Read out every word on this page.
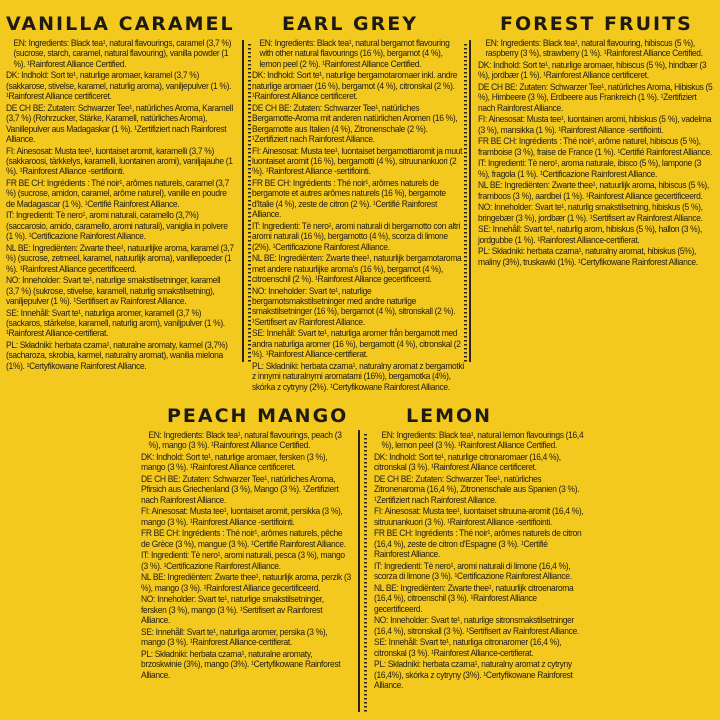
VANILLA CARAMEL

EN: Ingredients: Black tea¹, natural flavourings, caramel (3,7 %) (sucrose, starch, caramel, natural flavouring), vanilla powder (1 %). ¹Rainforest Alliance Certified.

DK: Indhold: Sort te¹, naturlige aromaer, karamel (3,7 %) (sakkarose, stivelse, karamel, naturlig aroma), vaniljepulver (1 %). ¹Rainforest Alliance certificeret.

DE CH BE: Zutaten: Schwarzer Tee¹, natürliches Aroma, Karamell (3,7 %) (Rohrzucker, Stärke, Karamell, natürliches Aroma), Vanillepulver aus Madagaskar (1 %). ¹Zertifiziert nach Rainforest Alliance.

FI: Ainesosat: Musta tee¹, luontaiset aromit, karamelli (3,7 %) (sakkaroosi, tärkkelys, karamelli, luontainen aromi), vaniljajauhe (1 %). ¹Rainforest Alliance -sertifiointi.

FR BE CH: Ingrédients : Thé noir¹, arômes naturels, caramel (3,7 %) (sucrose, amidon, caramel, arôme naturel), vanille en poudre de Madagascar (1 %). ¹Certifié Rainforest Alliance.

IT: Ingredienti: Tè nero¹, aromi naturali, caramello (3,7%) (saccarosio, amido, caramello, aromi naturali), vaniglia in polvere (1 %). ¹Certificazione Rainforest Alliance.

NL BE: Ingrediënten: Zwarte thee¹, natuurlijke aroma, karamel (3,7 %) (sucrose, zetmeel, karamel, natuurlijk aroma), vanillepoeder (1 %). ¹Rainforest Alliance gecertificeerd.

NO: Inneholder: Svart te¹, naturlige smakstilsetninger, karamell (3,7 %) (sukrose, stivelse, karamell, naturlig smakstilsetning), vaniljepulver (1 %). ¹Sertifisert av Rainforest Alliance.

SE: Innehåll: Svart te¹, naturliga aromer, karamell (3,7 %) (sackaros, stärkelse, karamell, naturlig arom), vaniljpulver (1 %). ¹Rainforest Alliance-certifierat.

PL: Składniki: herbata czarna¹, naturalne aromaty, karmel (3,7%) (sacharoza, skrobia, karmel, naturalny aromat), wanilia mielona (1%). ¹Certyfikowane Rainforest Alliance.

EARL GREY

EN: Ingredients: Black tea¹, natural bergamot flavouring with other natural flavourings (16 %), bergamot (4 %), lemon peel (2 %). ¹Rainforest Alliance Certified.

DK: Indhold: Sort te¹, naturlige bergamotaromaer inkl. andre naturlige aromaer (16 %), bergamot (4 %), citronskal (2 %). ¹Rainforest Alliance certificeret.

DE CH BE: Zutaten: Schwarzer Tee¹, natürliches Bergamotte-Aroma mit anderen natürlichen Aromen (16 %), Bergamotte aus Italien (4 %), Zitronenschale (2 %). ¹Zertifiziert nach Rainforest Alliance.

FI: Ainesosat: Musta tee¹, luontaiset bergamottiaromit ja muut luontaiset aromit (16 %), bergamotti (4 %), sitruunankuori (2 %). ¹Rainforest Alliance -sertifiointi.

FR BE CH: Ingrédients : Thé noir¹, arômes naturels de bergamote et autres arômes naturels (16 %), bergamote d'Italie (4 %), zeste de citron (2 %). ¹Certifié Rainforest Alliance.

IT: Ingredienti: Tè nero¹, aromi naturali di bergamotto con altri aromi naturali (16 %), bergamotto (4 %), scorza di limone (2%). ¹Certificazione Rainforest Alliance.

NL BE: Ingrediënten: Zwarte thee¹, natuurlijk bergamotaroma met andere natuurlijke aroma's (16 %), bergamot (4 %), citroenschil (2 %). ¹Rainforest Alliance gecertificeerd.

NO: Inneholder: Svart te¹, naturlige bergamotsmakstilsetninger med andre naturlige smakstilsetninger (16 %), bergamot (4 %), sitronskall (2 %). ¹Sertifisert av Rainforest Alliance.

SE: Innehåll: Svart te¹, naturliga aromer från bergamott med andra naturliga aromer (16 %), bergamott (4 %), citronskal (2 %). ¹Rainforest Alliance-certifierat.

PL: Składniki: herbata czarna¹, naturalny aromat z bergamotki z innymi naturalnymi aromatami (16%), bergamotka (4%), skórka z cytryny (2%). ¹Certyfikowane Rainforest Alliance.

FOREST FRUITS

EN: Ingredients: Black tea¹, natural flavouring, hibiscus (5 %), raspberry (3 %), strawberry (1 %). ¹Rainforest Alliance Certified.

DK: Indhold: Sort te¹, naturlige aromaer, hibiscus (5 %), hindbær (3 %), jordbær (1 %). ¹Rainforest Alliance certificeret.

DE CH BE: Zutaten: Schwarzer Tee¹, natürliches Aroma, Hibiskus (5 %), Himbeere (3 %), Erdbeere aus Frankreich (1 %). ¹Zertifiziert nach Rainforest Alliance.

FI: Ainesosat: Musta tee¹, luontainen aromi, hibiskus (5 %), vadelma (3 %), mansikka (1 %). ¹Rainforest Alliance -sertifiointi.

FR BE CH: Ingrédients : Thé noir¹, arôme naturel, hibiscus (5 %), framboise (3 %), fraise de France (1 %). ¹Certifié Rainforest Alliance.

IT: Ingredienti: Tè nero¹, aroma naturale, ibisco (5 %), lampone (3 %), fragola (1 %). ¹Certificazione Rainforest Alliance.

NL BE: Ingrediënten: Zwarte thee¹, natuurlijk aroma, hibiscus (5 %), framboos (3 %), aardbei (1 %). ¹Rainforest Alliance gecertificeerd.

NO: Inneholder: Svart te¹, naturlig smakstilsetning, hibiskus (5 %), bringebær (3 %), jordbær (1 %). ¹Sertifisert av Rainforest Alliance.

SE: Innehåll: Svart te¹, naturlig arom, hibiskus (5 %), hallon (3 %), jordgubbe (1 %). ¹Rainforest Alliance-certifierat.

PL: Składniki: herbata czarna¹, naturalny aromat, hibiskus (5%), maliny (3%), truskawki (1%). ¹Certyfikowane Rainforest Alliance.

PEACH MANGO

EN: Ingredients: Black tea¹, natural flavourings, peach (3 %), mango (3 %). ¹Rainforest Alliance Certified.

DK: Indhold: Sort te¹, naturlige aromaer, fersken (3 %), mango (3 %). ¹Rainforest Alliance certificeret.

DE CH BE: Zutaten: Schwarzer Tee¹, natürliches Aroma, Pfirsich aus Griechenland (3 %), Mango (3 %). ¹Zertifiziert nach Rainforest Alliance.

FI: Ainesosat: Musta tee¹, luontaiset aromit, persikka (3 %), mango (3 %). ¹Rainforest Alliance -sertifiointi.

FR BE CH: Ingrédients : Thé noir¹, arômes naturels, pêche de Grèce (3 %), mangue (3 %). ¹Certifié Rainforest Alliance.

IT: Ingredienti: Tè nero¹, aromi naturali, pesca (3 %), mango (3 %). ¹Certificazione Rainforest Alliance.

NL BE: Ingrediënten: Zwarte thee¹, natuurlijk aroma, perzik (3 %), mango (3 %). ¹Rainforest Alliance gecertificeerd.

NO: Inneholder: Svart te¹, naturlige smakstilsetninger, fersken (3 %), mango (3 %). ¹Sertifisert av Rainforest Alliance.

SE: Innehåll: Svart te¹, naturliga aromer, persika (3 %), mango (3 %). ¹Rainforest Alliance-certifierat.

PL: Składniki: herbata czarna¹, naturalne aromaty, brzoskwinie (3%), mango (3%). ¹Certyfikowane Rainforest Alliance.

LEMON

EN: Ingredients: Black tea¹, natural lemon flavourings (16,4 %), lemon peel (3 %). ¹Rainforest Alliance Certified.

DK: Indhold: Sort te¹, naturlige citronaromaer (16,4 %), citronskal (3 %). ¹Rainforest Alliance certificeret.

DE CH BE: Zutaten: Schwarzer Tee¹, natürliches Zitronenaroma (16,4 %), Zitronenschale aus Spanien (3 %). ¹Zertifiziert nach Rainforest Alliance.

FI: Ainesosat: Musta tee¹, luontaiset sitruuna-aromit (16,4 %), sitruunankuori (3 %). ¹Rainforest Alliance -sertifiointi.

FR BE CH: Ingrédients : Thé noir¹, arômes naturels de citron (16,4 %), zeste de citron d'Espagne (3 %). ¹Certifié Rainforest Alliance.

IT: Ingredienti: Tè nero¹, aromi naturali di limone (16,4 %), scorza di limone (3 %). ¹Certificazione Rainforest Alliance.

NL BE: Ingrediënten: Zwarte thee¹, natuurlijk citroenaroma (16,4 %), citroenschil (3 %). ¹Rainforest Alliance gecertificeerd.

NO: Inneholder: Svart te¹, naturlige sitronsmakstilsetninger (16,4 %), sitronskall (3 %). ¹Sertifisert av Rainforest Alliance.

SE: Innehåll: Svart te¹, naturliga citronaromer (16,4 %), citronskal (3 %). ¹Rainforest Alliance-certifierat.

PL: Składniki: herbata czarna¹, naturalny aromat z cytryny (16,4%), skórka z cytryny (3%). ¹Certyfikowane Rainforest Alliance.
